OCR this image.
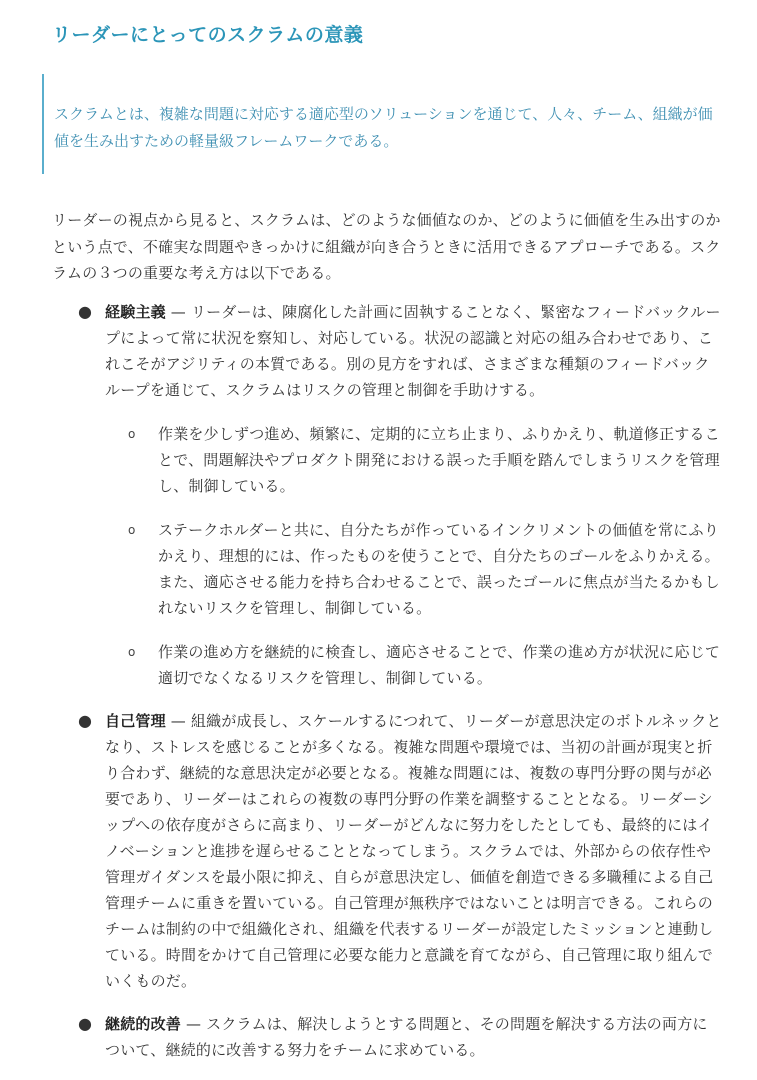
リーダーにとってのスクラムの意義

スクラムとは、複雑な問題に対応する適応型のソリューションを通じて、人々、チーム、組織が価値を生み出すための軽量級フレームワークである。

リーダーの視点から見ると、スクラムは、どのような価値なのか、どのように価値を生み出すのかという点で、不確実な問題やきっかけに組織が向き合うときに活用できるアプローチである。スクラムの３つの重要な考え方は以下である。

● 経験主義 — リーダーは、陳腐化した計画に固執することなく、緊密なフィードバックループによって常に状況を察知し、対応している。状況の認識と対応の組み合わせであり、これこそがアジリティの本質である。別の見方をすれば、さまざまな種類のフィードバックループを通じて、スクラムはリスクの管理と制御を手助けする。
o 作業を少しずつ進め、頻繁に、定期的に立ち止まり、ふりかえり、軌道修正することで、問題解決やプロダクト開発における誤った手順を踏んでしまうリスクを管理し、制御している。
o ステークホルダーと共に、自分たちが作っているインクリメントの価値を常にふりかえり、理想的には、作ったものを使うことで、自分たちのゴールをふりかえる。また、適応させる能力を持ち合わせることで、誤ったゴールに焦点が当たるかもしれないリスクを管理し、制御している。
o 作業の進め方を継続的に検査し、適応させることで、作業の進め方が状況に応じて適切でなくなるリスクを管理し、制御している。
● 自己管理 — 組織が成長し、スケールするにつれて、リーダーが意思決定のボトルネックとなり、ストレスを感じることが多くなる。複雑な問題や環境では、当初の計画が現実と折り合わず、継続的な意思決定が必要となる。複雑な問題には、複数の専門分野の関与が必要であり、リーダーはこれらの複数の専門分野の作業を調整することとなる。リーダーシップへの依存度がさらに高まり、リーダーがどんなに努力をしたとしても、最終的にはイノベーションと進捗を遅らせることとなってしまう。スクラムでは、外部からの依存性や管理ガイダンスを最小限に抑え、自らが意思決定し、価値を創造できる多職種による自己管理チームに重きを置いている。自己管理が無秩序ではないことは明言できる。これらのチームは制約の中で組織化され、組織を代表するリーダーが設定したミッションと連動している。時間をかけて自己管理に必要な能力と意識を育てながら、自己管理に取り組んでいくものだ。
● 継続的改善 — スクラムは、解決しようとする問題と、その問題を解決する方法の両方について、継続的に改善する努力をチームに求めている。
